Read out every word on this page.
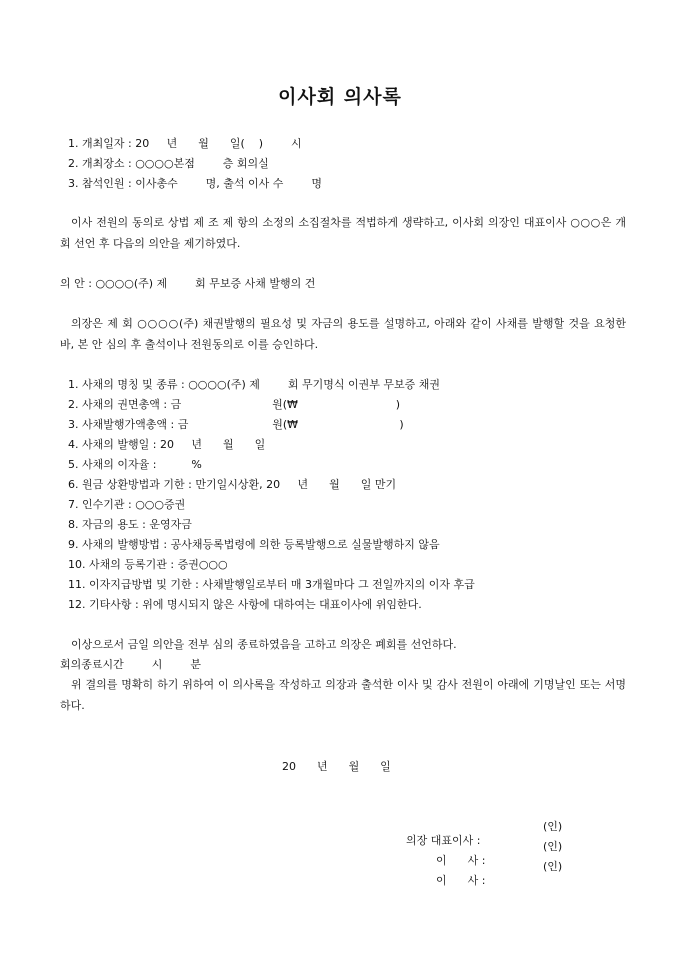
이사회 의사록
1. 개최일자 : 20     년      월      일(    )        시
2. 개최장소 : ○○○○본점        층 회의실
3. 참석인원 : 이사총수        명, 출석 이사 수        명
이사 전원의 동의로 상법 제 조 제 항의 소정의 소집절차를 적법하게 생략하고, 이사회 의장인 대표이사 ○○○은 개회 선언 후 다음의 의안을 제기하였다.
의 안 : ○○○○(주) 제        회 무보증 사채 발행의 건
의장은 제 회 ○○○○(주) 채권발행의 필요성 및 자금의 용도를 설명하고, 아래와 같이 사채를 발행할 것을 요청한 바, 본 안 심의 후 출석이나 전원동의로 이를 승인하다.
1. 사채의 명칭 및 종류 : ○○○○(주) 제        회 무기명식 이권부 무보증 채권
2. 사채의 권면총액 : 금                          원(₩                            )
3. 사채발행가액총액 : 금                        원(₩                             )
4. 사채의 발행일 : 20     년      월      일
5. 사채의 이자율 :          %
6. 원금 상환방법과 기한 : 만기일시상환, 20     년      월      일 만기
7. 인수기관 : ○○○증권
8. 자금의 용도 : 운영자금
9. 사채의 발행방법 : 공사채등록법령에 의한 등록발행으로 실물발행하지 않음
10. 사채의 등록기관 : 증권○○○
11. 이자지급방법 및 기한 : 사채발행일로부터 매 3개월마다 그 전일까지의 이자 후급
12. 기타사항 : 위에 명시되지 않은 사항에 대하여는 대표이사에 위임한다.
이상으로서 금일 의안을 전부 심의 종료하였음을 고하고 의장은 폐회를 선언하다.
회의종료시간        시        분
위 결의를 명확히 하기 위하여 이 의사록을 작성하고 의장과 출석한 이사 및 감사 전원이 아래에 기명날인 또는 서명하다.
20      년      월      일

의장 대표이사 :

(인)

이      사 :

(인)

이      사 :

(인)
